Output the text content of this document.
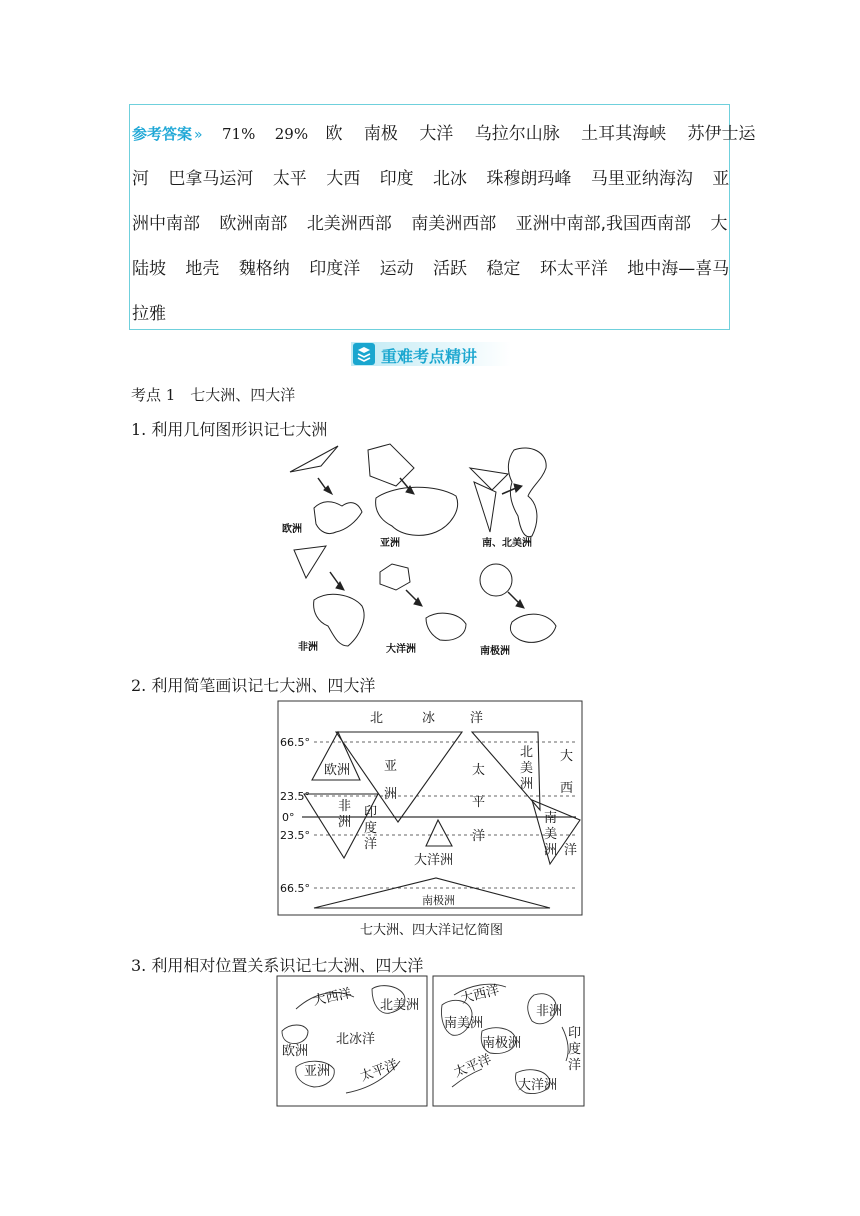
参考答案 » 71% 29% 欧 南极 大洋 乌拉尔山脉 土耳其海峡 苏伊士运
河 巴拿马运河 太平 大西 印度 北冰 珠穆朗玛峰 马里亚纳海沟 亚
洲中南部 欧洲南部 北美洲西部 南美洲西部 亚洲中南部,我国西南部 大
陆坡 地壳 魏格纳 印度洋 运动 活跃 稳定 环太平洋 地中海—喜马
拉雅
重难考点精讲
考点 1　七大洲、四大洋
1. 利用几何图形识记七大洲
欧洲
亚洲	南、北美洲
非洲	大洋洲	南极洲
2. 利用简笔画识记七大洲、四大洋
66.5°
23.5°
0°
23.5°
66.5°
北	冰	洋
欧洲	亚
洲
非
洲
印
度
洋
大洋洲
太
平
洋
北
美
洲
大
西
洋
南
美
洲
南极洲
七大洲、四大洋记忆简图
3. 利用相对位置关系识记七大洲、四大洋
大西洋 北美洲
欧洲
北冰洋
亚洲 太平洋
大西洋
非洲
南美洲
南极洲
印
度
洋
太平洋
大洋洲
